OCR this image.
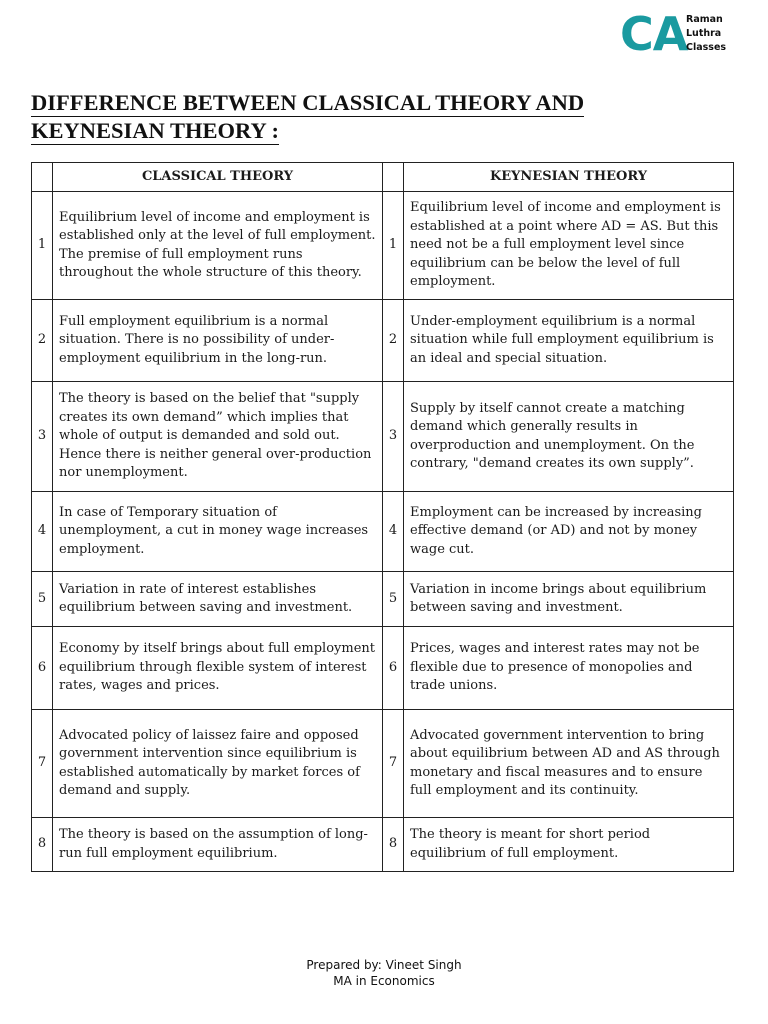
CA
Raman
Luthra
Classes
DIFFERENCE BETWEEN CLASSICAL THEORY AND
KEYNESIAN THEORY :
	CLASSICAL THEORY		KEYNESIAN THEORY
1	Equilibrium level of income and employment is established only at the level of full employment. The premise of full employment runs throughout the whole structure of this theory.	1	Equilibrium level of income and employment is established at a point where AD = AS. But this need not be a full employment level since equilibrium can be below the level of full employment.
2	Full employment equilibrium is a normal situation. There is no possibility of under-employment equilibrium in the long-run.	2	Under-employment equilibrium is a normal situation while full employment equilibrium is an ideal and special situation.
3	The theory is based on the belief that "supply creates its own demand” which implies that whole of output is demanded and sold out. Hence there is neither general over-production nor unemployment.	3	Supply by itself cannot create a matching demand which generally results in overproduction and unemployment. On the contrary, "demand creates its own supply”.
4	In case of Temporary situation of unemployment, a cut in money wage increases employment.	4	Employment can be increased by increasing effective demand (or AD) and not by money wage cut.
5	Variation in rate of interest establishes equilibrium between saving and investment.	5	Variation in income brings about equilibrium between saving and investment.
6	Economy by itself brings about full employment equilibrium through flexible system of interest rates, wages and prices.	6	Prices, wages and interest rates may not be flexible due to presence of monopolies and trade unions.
7	Advocated policy of laissez faire and opposed government intervention since equilibrium is established automatically by market forces of demand and supply.	7	Advocated government intervention to bring about equilibrium between AD and AS through monetary and fiscal measures and to ensure full employment and its continuity.
8	The theory is based on the assumption of long-run full employment equilibrium.	8	The theory is meant for short period equilibrium of full employment.
Prepared by: Vineet Singh
MA in Economics
